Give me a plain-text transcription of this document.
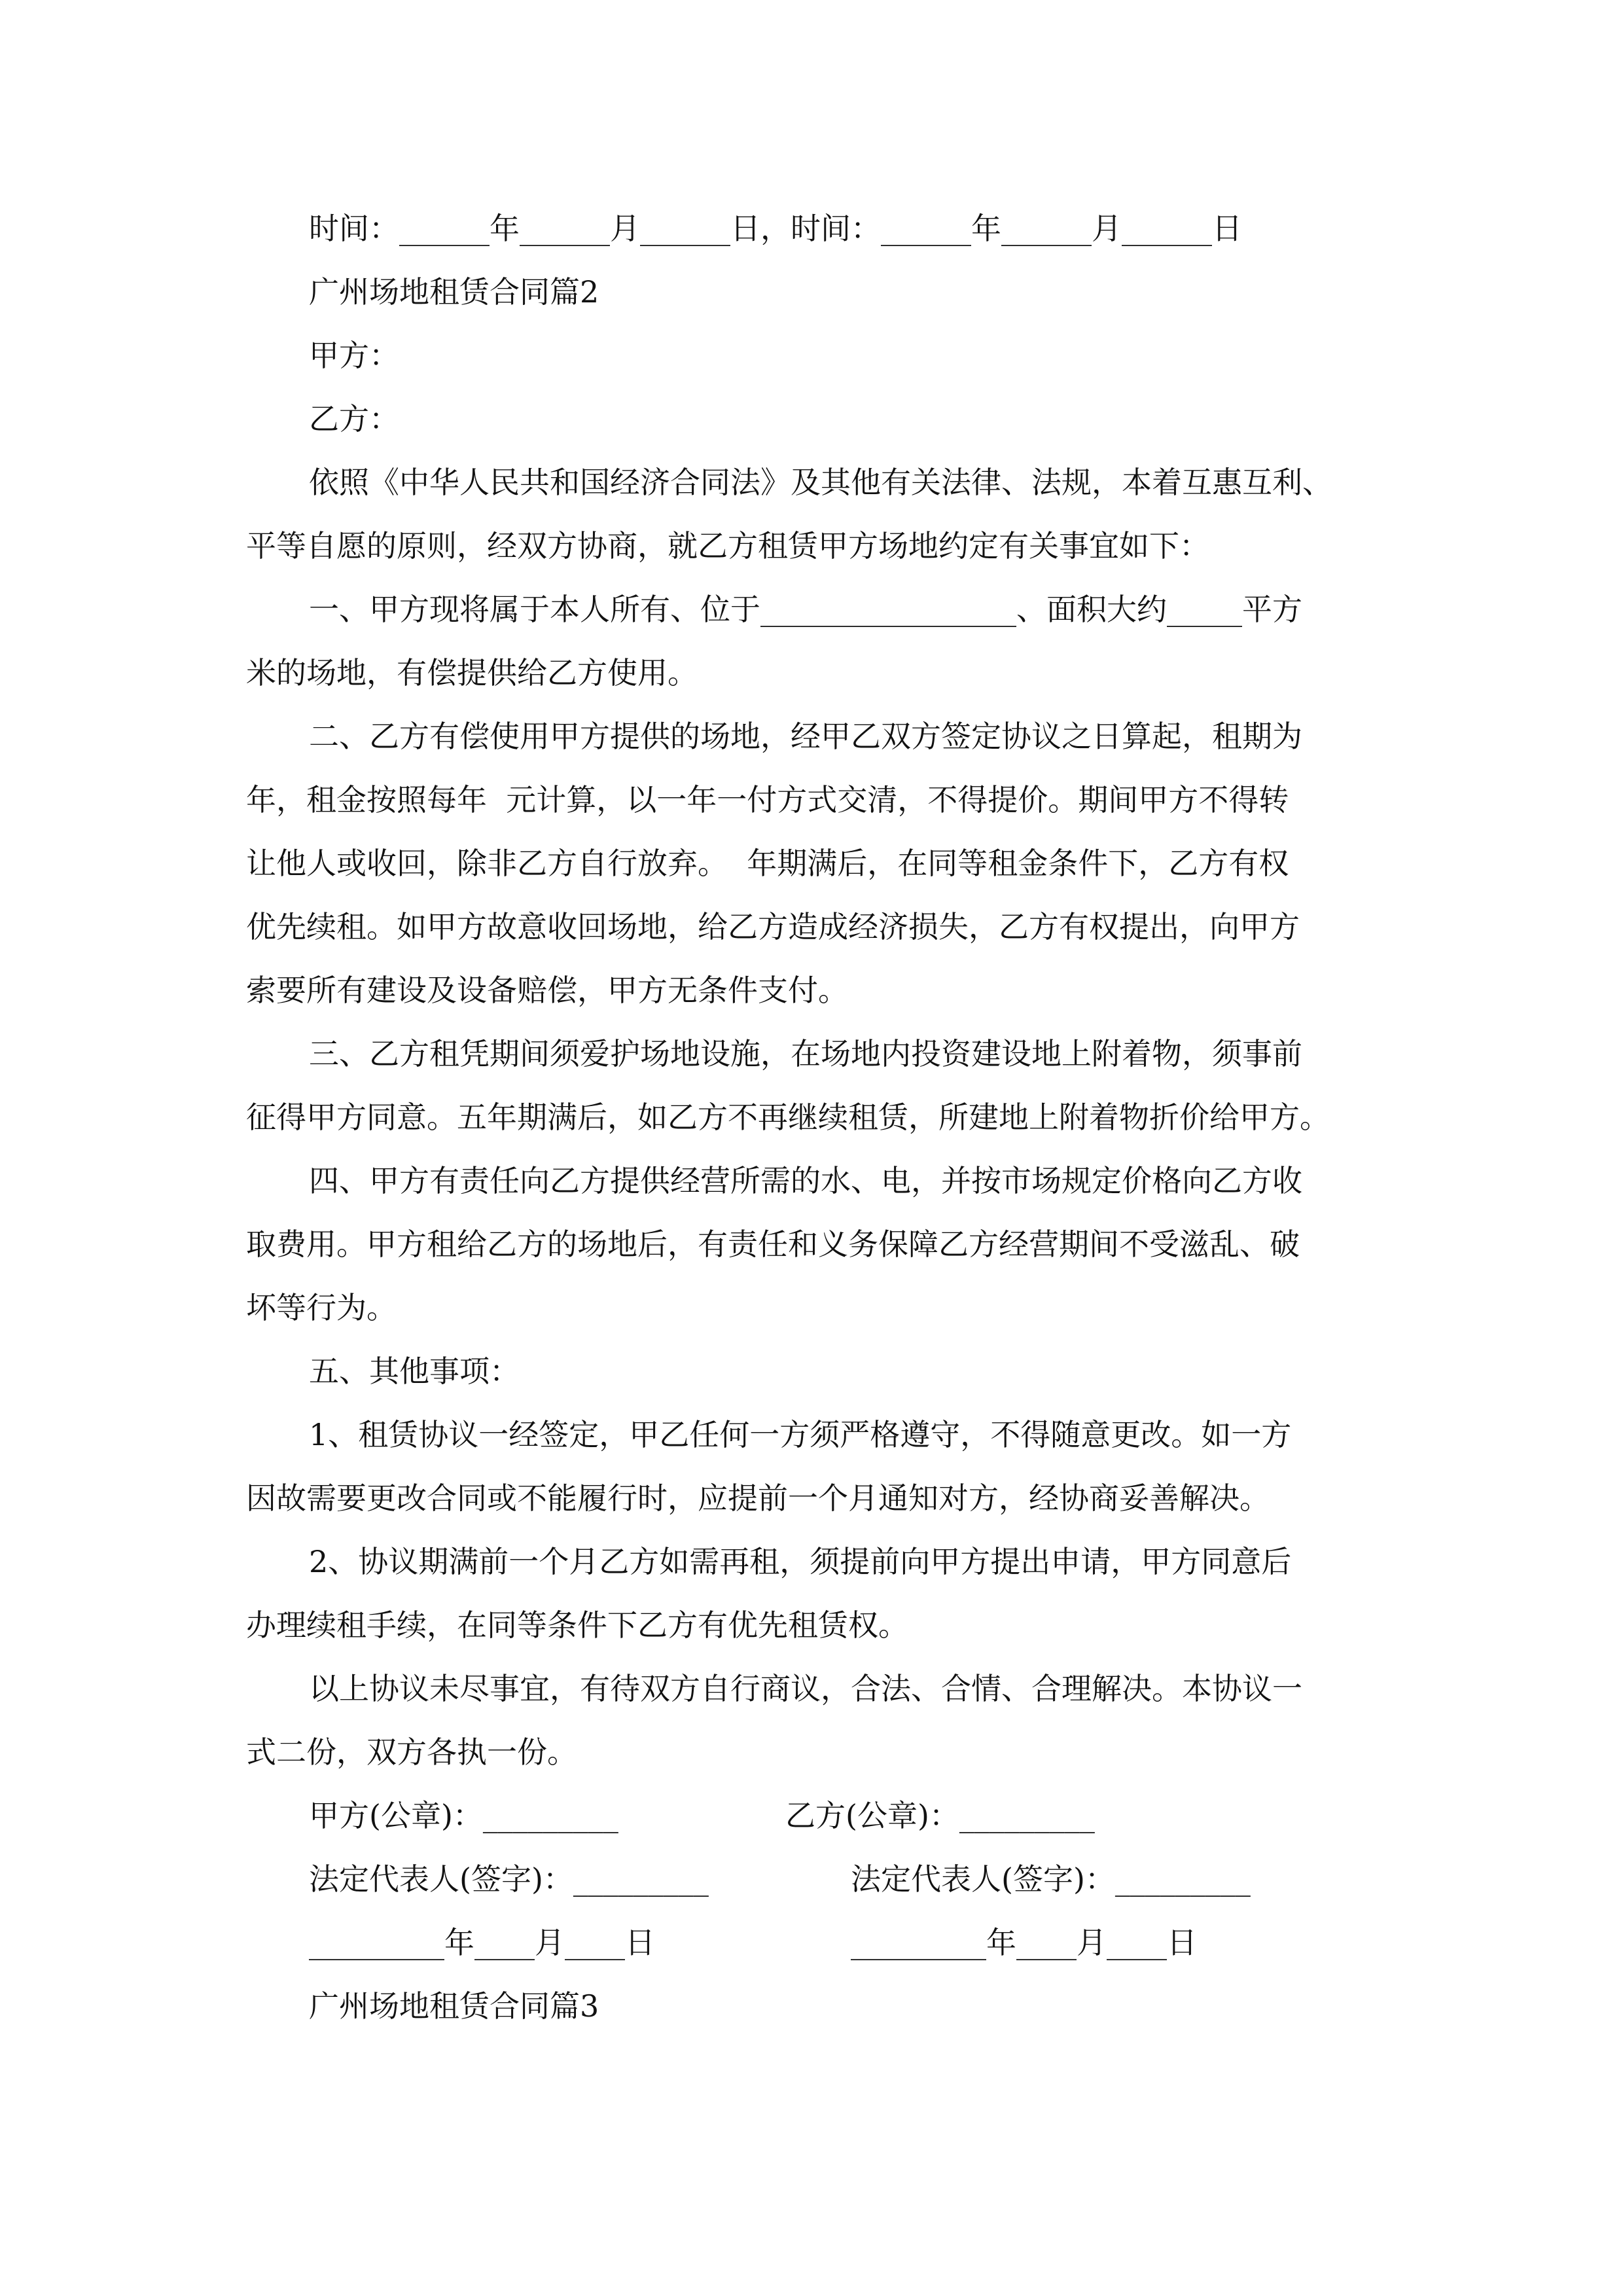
时间：______年______月______日，时间：______年______月______日
广州场地租赁合同篇2
甲方：
乙方：
依照《中华人民共和国经济合同法》及其他有关法律、法规，本着互惠互利、
平等自愿的原则，经双方协商，就乙方租赁甲方场地约定有关事宜如下：
一、甲方现将属于本人所有、位于_________________、面积大约_____平方
米的场地，有偿提供给乙方使用。
二、乙方有偿使用甲方提供的场地，经甲乙双方签定协议之日算起，租期为
年，租金按照每年  元计算，以一年一付方式交清，不得提价。期间甲方不得转
让他人或收回，除非乙方自行放弃。  年期满后，在同等租金条件下，乙方有权
优先续租。如甲方故意收回场地，给乙方造成经济损失，乙方有权提出，向甲方
索要所有建设及设备赔偿，甲方无条件支付。
三、乙方租凭期间须爱护场地设施，在场地内投资建设地上附着物，须事前
征得甲方同意。五年期满后，如乙方不再继续租赁，所建地上附着物折价给甲方。
四、甲方有责任向乙方提供经营所需的水、电，并按市场规定价格向乙方收
取费用。甲方租给乙方的场地后，有责任和义务保障乙方经营期间不受滋乱、破
坏等行为。
五、其他事项：
1、租赁协议一经签定，甲乙任何一方须严格遵守，不得随意更改。如一方
因故需要更改合同或不能履行时，应提前一个月通知对方，经协商妥善解决。
2、协议期满前一个月乙方如需再租，须提前向甲方提出申请，甲方同意后
办理续租手续，在同等条件下乙方有优先租赁权。
以上协议未尽事宜，有待双方自行商议，合法、合情、合理解决。本协议一
式二份，双方各执一份。
甲方(公章)：_________	乙方(公章)：_________
法定代表人(签字)：_________	法定代表人(签字)：_________
_________年____月____日	_________年____月____日
广州场地租赁合同篇3
